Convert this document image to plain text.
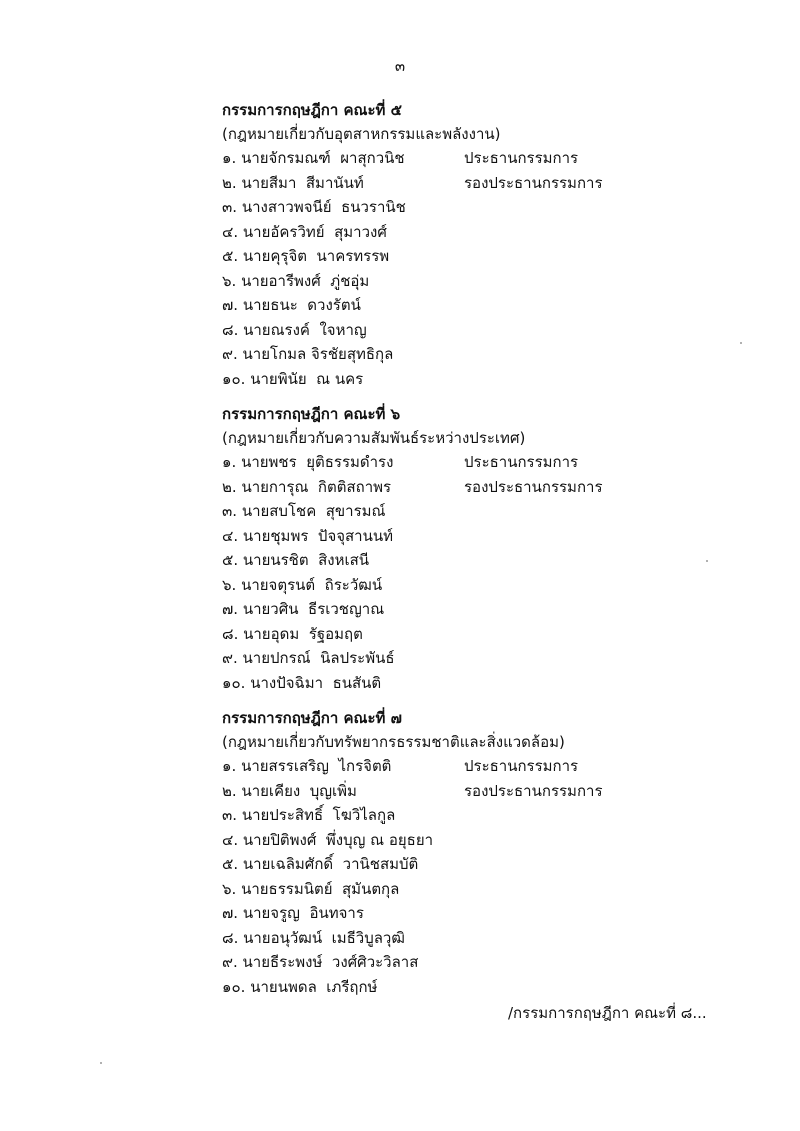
๓
กรรมการกฤษฎีกา คณะที่ ๕
(กฎหมายเกี่ยวกับอุตสาหกรรมและพลังงาน)
๑. นายจักรมณฑ์  ผาสุกวนิช	ประธานกรรมการ
๒. นายสีมา  สีมานันท์	รองประธานกรรมการ
๓. นางสาวพจนีย์  ธนวรานิช
๔. นายอัครวิทย์  สุมาวงศ์
๕. นายคุรุจิต  นาครทรรพ
๖. นายอารีพงศ์  ภู่ชอุ่ม
๗. นายธนะ  ดวงรัตน์
๘. นายณรงค์  ใจหาญ
๙. นายโกมล จิรชัยสุทธิกุล
๑๐. นายพินัย  ณ นคร
กรรมการกฤษฎีกา คณะที่ ๖
(กฎหมายเกี่ยวกับความสัมพันธ์ระหว่างประเทศ)
๑. นายพชร  ยุติธรรมดำรง	ประธานกรรมการ
๒. นายการุณ  กิตติสถาพร	รองประธานกรรมการ
๓. นายสบโชค  สุขารมณ์
๔. นายชุมพร  ปัจจุสานนท์
๕. นายนรชิต  สิงหเสนี
๖. นายจตุรนต์  ถิระวัฒน์
๗. นายวศิน  ธีรเวชญาณ
๘. นายอุดม  รัฐอมฤต
๙. นายปกรณ์  นิลประพันธ์
๑๐. นางปัจฉิมา  ธนสันติ
กรรมการกฤษฎีกา คณะที่ ๗
(กฎหมายเกี่ยวกับทรัพยากรธรรมชาติและสิ่งแวดล้อม)
๑. นายสรรเสริญ  ไกรจิตติ	ประธานกรรมการ
๒. นายเคียง  บุญเพิ่ม	รองประธานกรรมการ
๓. นายประสิทธิ์  โฆวิไลกูล
๔. นายปิติพงศ์  พึ่งบุญ ณ อยุธยา
๕. นายเฉลิมศักดิ์  วานิชสมบัติ
๖. นายธรรมนิตย์  สุมันตกุล
๗. นายจรูญ  อินทจาร
๘. นายอนุวัฒน์  เมธีวิบูลวุฒิ
๙. นายธีระพงษ์  วงศ์ศิวะวิลาส
๑๐. นายนพดล  เภรีฤกษ์
/กรรมการกฤษฎีกา คณะที่ ๘...
